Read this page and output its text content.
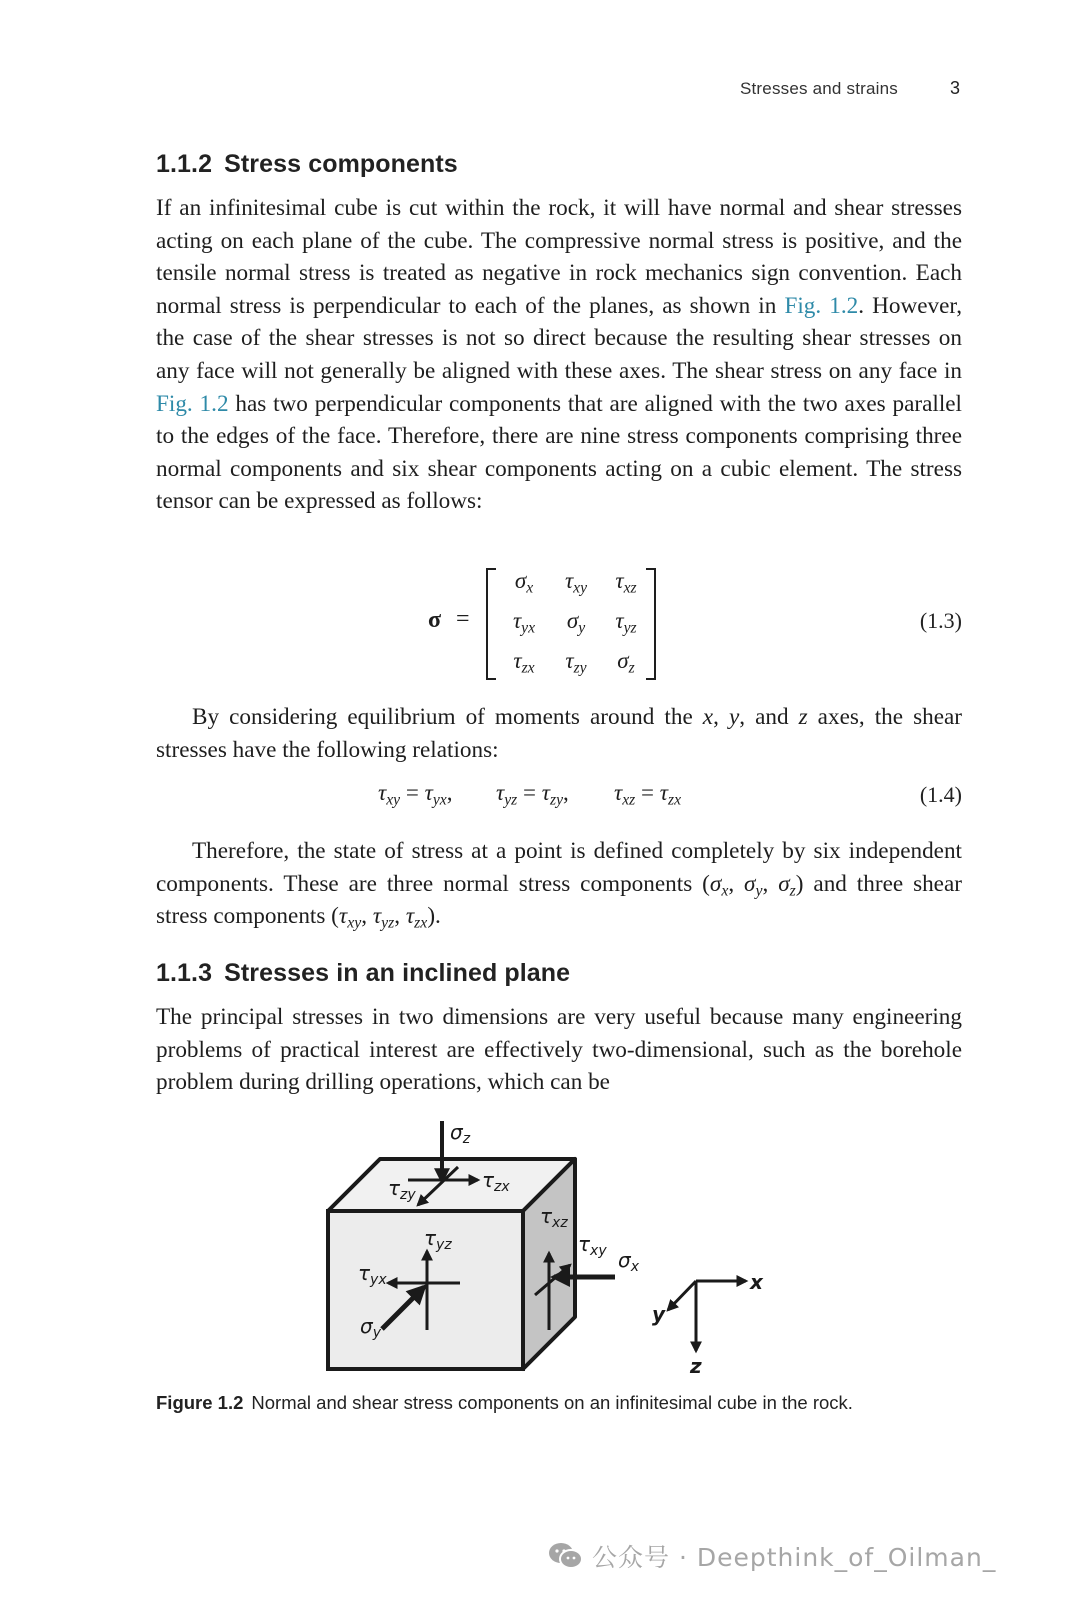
Stresses and strains	3
1.1.2 Stress components

If an infinitesimal cube is cut within the rock, it will have normal and shear stresses acting on each plane of the cube. The compressive normal stress is positive, and the tensile normal stress is treated as negative in rock mechanics sign convention. Each normal stress is perpendicular to each of the planes, as shown in Fig. 1.2. However, the case of the shear stresses is not so direct because the resulting shear stresses on any face will not generally be aligned with these axes. The shear stress on any face in Fig. 1.2 has two perpendicular components that are aligned with the two axes parallel to the edges of the face. Therefore, there are nine stress components comprising three normal components and six shear components acting on a cubic element. The stress tensor can be expressed as follows:

σ =
$\sigma_x$	$\tau_{xy}$	$\tau_{xz}$
$\tau_{yx}$	$\sigma_y$	$\tau_{yz}$
$\tau_{zx}$	$\tau_{zy}$	$\sigma_z$
(1.3)

By considering equilibrium of moments around the x, y, and z axes, the shear stresses have the following relations:

$\tau_{xy} = \tau_{yx}$, $\tau_{yz} = \tau_{zy}$, $\tau_{xz} = \tau_{zx}$	(1.4)

Therefore, the state of stress at a point is defined completely by six independent components. These are three normal stress components ($\sigma_x$, $\sigma_y$, $\sigma_z$) and three shear stress components ($\tau_{xy}$, $\tau_{yz}$, $\tau_{zx}$).

1.1.3 Stresses in an inclined plane

The principal stresses in two dimensions are very useful because many engineering problems of practical interest are effectively two-dimensional, such as the borehole problem during drilling operations, which can be

$\sigma_z$
$\tau_{zx}$
$\tau_{zy}$
$\tau_{xz}$
$\tau_{xy}$ $\sigma_x$
$\tau_{yz}$
$\tau_{yx}$
$\sigma_y$
x
y
z
Figure 1.2 Normal and shear stress components on an infinitesimal cube in the rock.
公众号 · Deepthink_of_Oilman_
